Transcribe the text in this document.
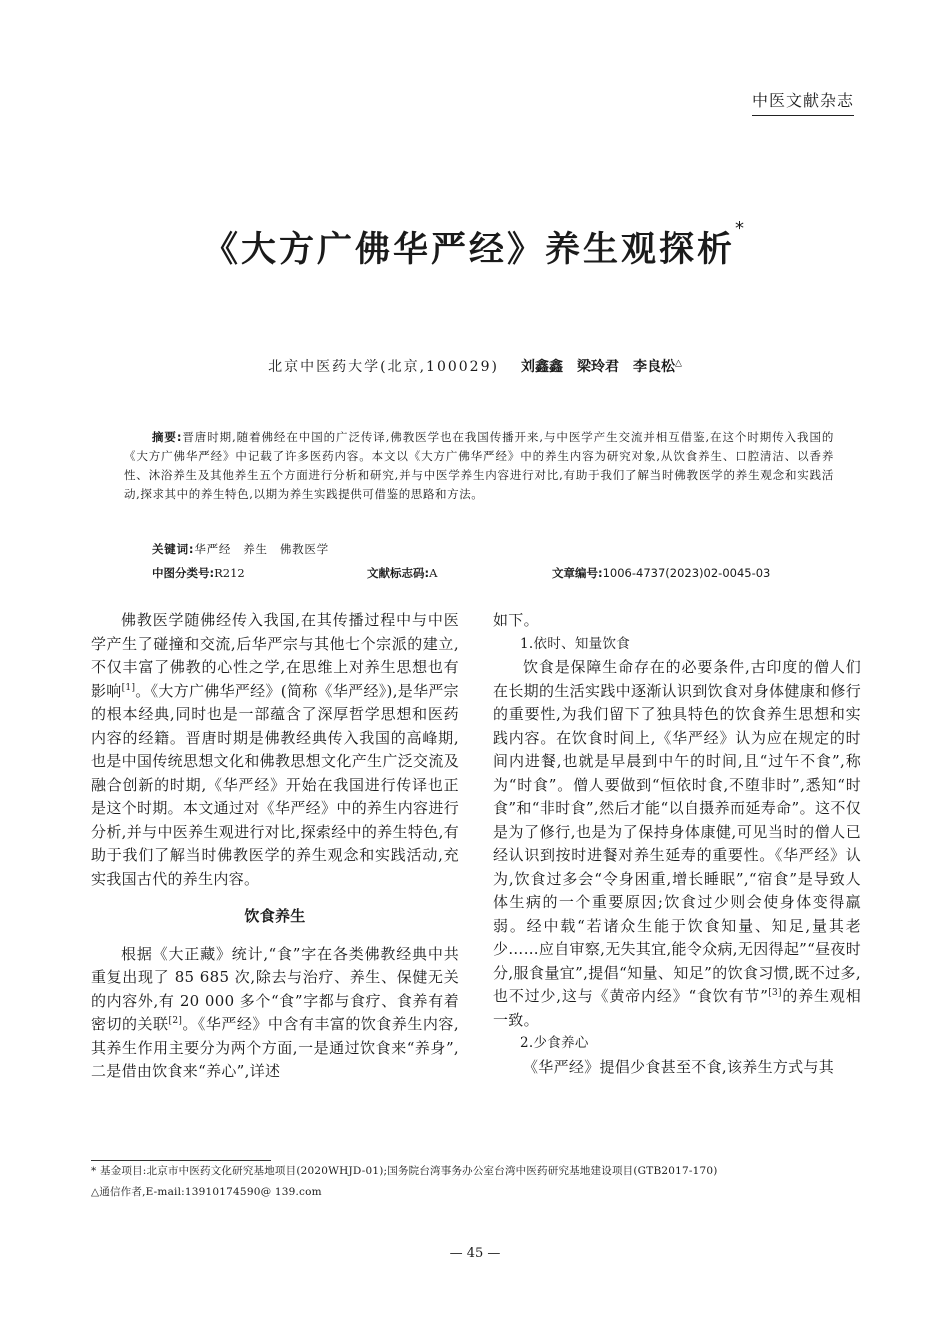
中医文献杂志
《大方广佛华严经》养生观探析*
北京中医药大学(北京,100029) 刘鑫鑫　梁玲君　李良松△
摘要:晋唐时期,随着佛经在中国的广泛传译,佛教医学也在我国传播开来,与中医学产生交流并相互借鉴,在这个时期传入我国的《大方广佛华严经》中记载了许多医药内容。本文以《大方广佛华严经》中的养生内容为研究对象,从饮食养生、口腔清洁、以香养性、沐浴养生及其他养生五个方面进行分析和研究,并与中医学养生内容进行对比,有助于我们了解当时佛教医学的养生观念和实践活动,探求其中的养生特色,以期为养生实践提供可借鉴的思路和方法。
关键词:华严经 养生 佛教医学
中图分类号:R212	文献标志码:A	文章编号:1006-4737(2023)02-0045-03

佛教医学随佛经传入我国,在其传播过程中与中医学产生了碰撞和交流,后华严宗与其他七个宗派的建立,不仅丰富了佛教的心性之学,在思维上对养生思想也有影响[1]。《大方广佛华严经》(简称《华严经》),是华严宗的根本经典,同时也是一部蕴含了深厚哲学思想和医药内容的经籍。晋唐时期是佛教经典传入我国的高峰期,也是中国传统思想文化和佛教思想文化产生广泛交流及融合创新的时期,《华严经》开始在我国进行传译也正是这个时期。本文通过对《华严经》中的养生内容进行分析,并与中医养生观进行对比,探索经中的养生特色,有助于我们了解当时佛教医学的养生观念和实践活动,充实我国古代的养生内容。

饮食养生

根据《大正藏》统计,“食”字在各类佛教经典中共重复出现了 85 685 次,除去与治疗、养生、保健无关的内容外,有 20 000 多个“食”字都与食疗、食养有着密切的关联[2]。《华严经》中含有丰富的饮食养生内容,其养生作用主要分为两个方面,一是通过饮食来“养身”,二是借由饮食来“养心”,详述

如下。

1.依时、知量饮食

饮食是保障生命存在的必要条件,古印度的僧人们在长期的生活实践中逐渐认识到饮食对身体健康和修行的重要性,为我们留下了独具特色的饮食养生思想和实践内容。在饮食时间上,《华严经》认为应在规定的时间内进餐,也就是早晨到中午的时间,且“过午不食”,称为“时食”。僧人要做到“恒依时食,不堕非时”,悉知“时食”和“非时食”,然后才能“以自摄养而延寿命”。这不仅是为了修行,也是为了保持身体康健,可见当时的僧人已经认识到按时进餐对养生延寿的重要性。《华严经》认为,饮食过多会“令身困重,增长睡眠”,“宿食”是导致人体生病的一个重要原因;饮食过少则会使身体变得羸弱。经中载“若诸众生能于饮食知量、知足,量其老少……应自审察,无失其宜,能令众病,无因得起”“昼夜时分,服食量宜”,提倡“知量、知足”的饮食习惯,既不过多,也不过少,这与《黄帝内经》“食饮有节”[3]的养生观相一致。

2.少食养心

《华严经》提倡少食甚至不食,该养生方式与其

* 基金项目:北京市中医药文化研究基地项目(2020WHJD-01);国务院台湾事务办公室台湾中医药研究基地建设项目(GTB2017-170)
△通信作者,E-mail:13910174590@ 139.com
— 45 —
